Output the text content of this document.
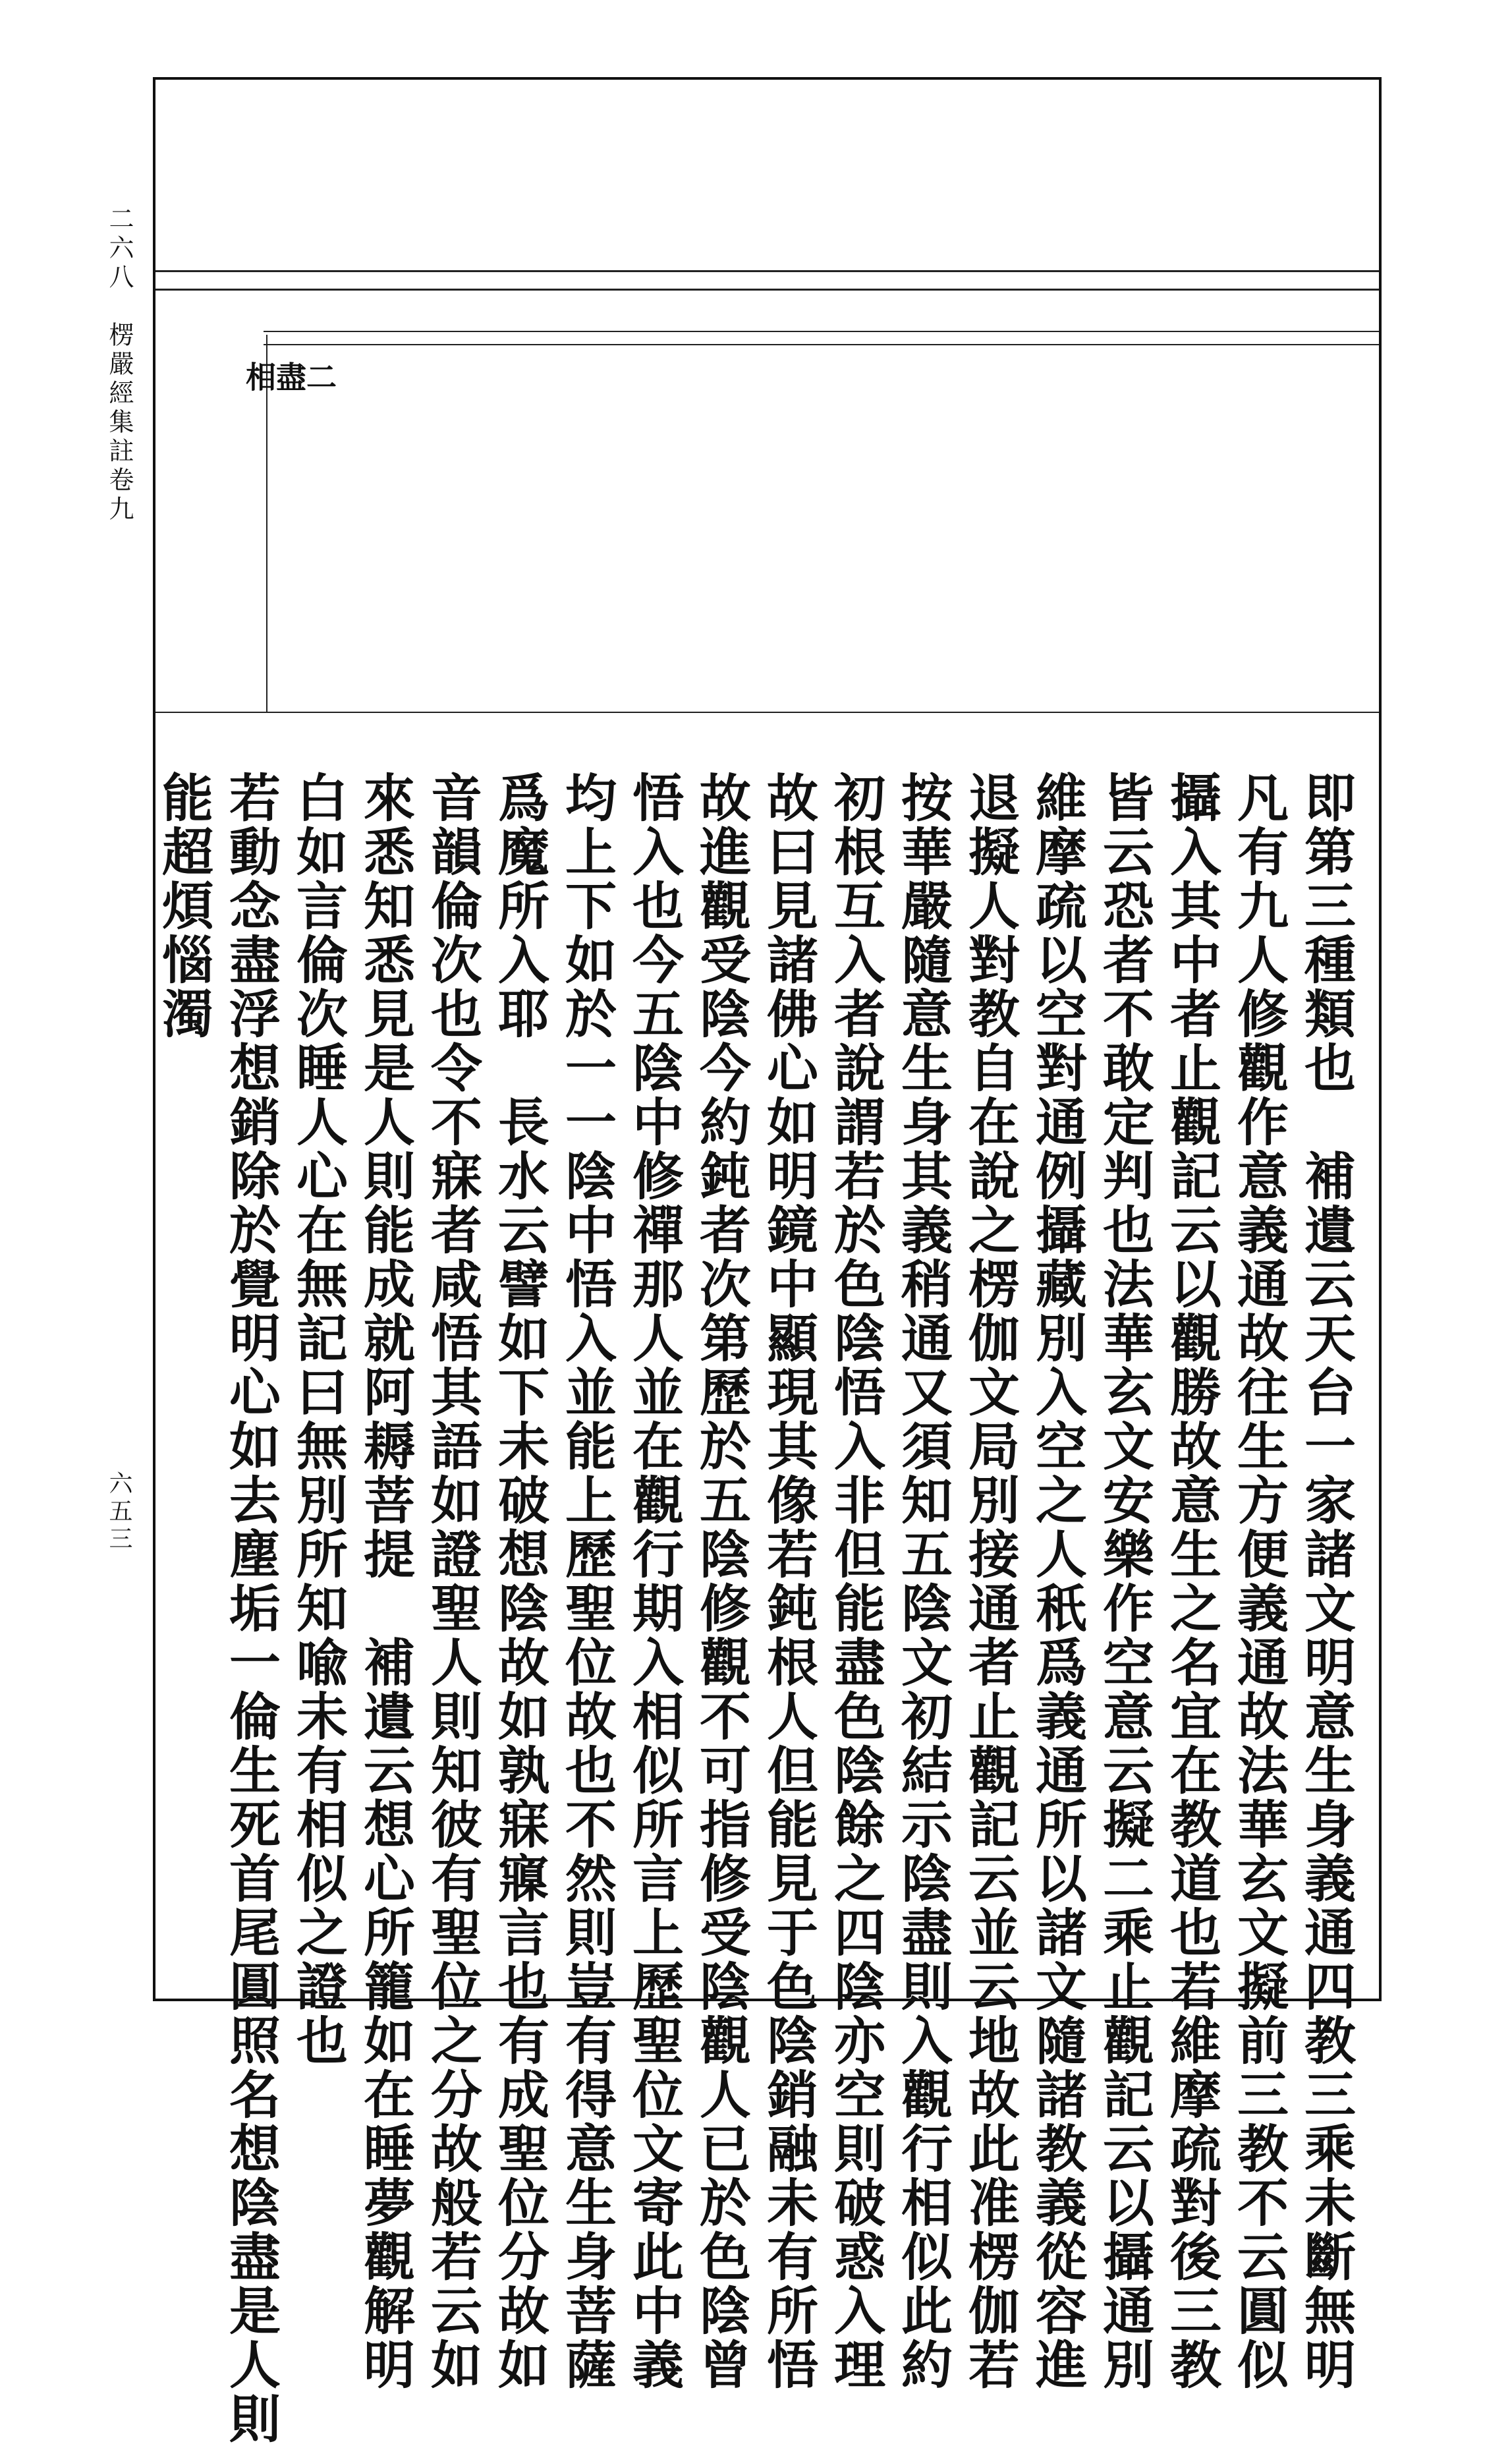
二六八　楞嚴經集註卷九
六五三
二
盡
相
即第三種類也　補遺云天台一家諸文明意生身義通四教三乘未斷無明
凡有九人修觀作意義通故往生方便義通故法華玄文擬前三教不云圓似
攝入其中者止觀記云以觀勝故意生之名宜在教道也若維摩疏對後三教
皆云恐者不敢定判也法華玄文安樂作空意云擬二乘止觀記云以攝通別
維摩疏以空對通例攝藏別入空之人秖爲義通所以諸文隨諸教義從容進
退擬人對教自在說之楞伽文局別接通者止觀記云並云地故此准楞伽若
按華嚴隨意生身其義稍通又須知五陰文初結示陰盡則入觀行相似此約
初根互入者說謂若於色陰悟入非但能盡色陰餘之四陰亦空則破惑入理
故曰見諸佛心如明鏡中顯現其像若鈍根人但能見于色陰銷融未有所悟
故進觀受陰今約鈍者次第歷於五陰修觀不可指修受陰觀人已於色陰曾
悟入也今五陰中修禪那人並在觀行期入相似所言上歷聖位文寄此中義
均上下如於一一陰中悟入並能上歷聖位故也不然則豈有得意生身菩薩
爲魔所入耶　長水云譬如下未破想陰故如孰寐寱言也有成聖位分故如
音韻倫次也令不寐者咸悟其語如證聖人則知彼有聖位之分故般若云如
來悉知悉見是人則能成就阿耨菩提　補遺云想心所籠如在睡夢觀解明
白如言倫次睡人心在無記曰無別所知喩未有相似之證也
若動念盡浮想銷除於覺明心如去塵垢一倫生死首尾圓照名想陰盡是人則
能超煩惱濁
